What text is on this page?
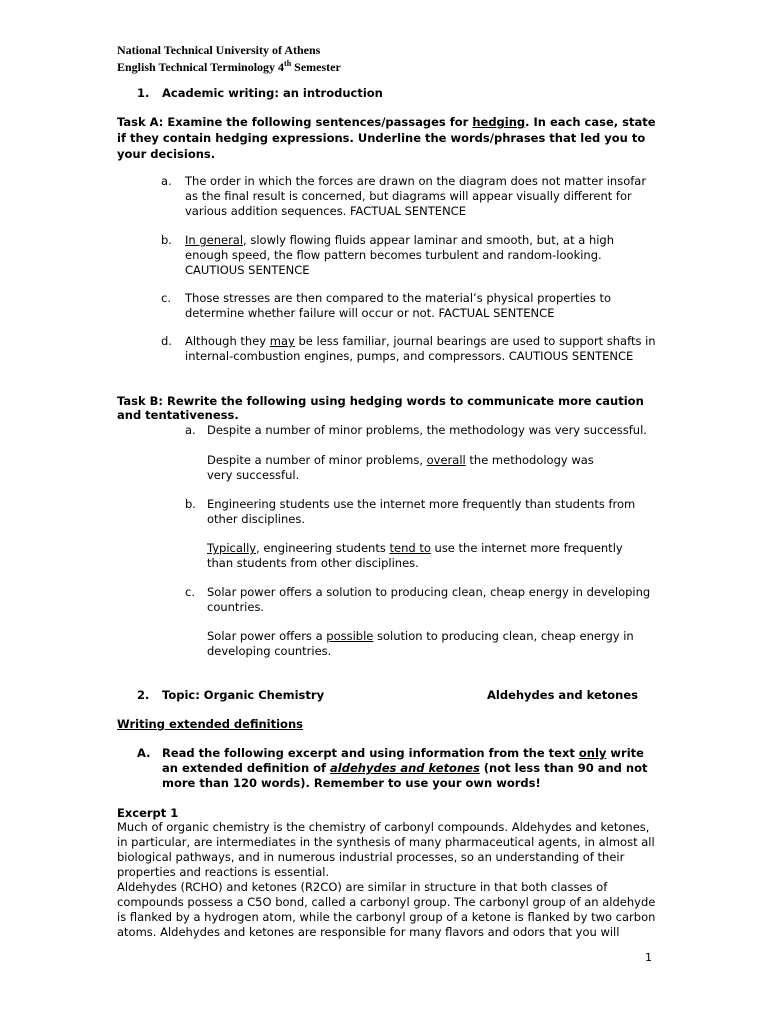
National Technical University of Athens
English Technical Terminology 4th Semester
1. Academic writing: an introduction
Task A: Examine the following sentences/passages for hedging. In each case, state if they contain hedging expressions. Underline the words/phrases that led you to your decisions.
a. The order in which the forces are drawn on the diagram does not matter insofar as the final result is concerned, but diagrams will appear visually different for various addition sequences. FACTUAL SENTENCE
b. In general, slowly flowing fluids appear laminar and smooth, but, at a high enough speed, the flow pattern becomes turbulent and random-looking. CAUTIOUS SENTENCE
c. Those stresses are then compared to the material’s physical properties to determine whether failure will occur or not. FACTUAL SENTENCE
d. Although they may be less familiar, journal bearings are used to support shafts in internal-combustion engines, pumps, and compressors. CAUTIOUS SENTENCE
Task B: Rewrite the following using hedging words to communicate more caution and tentativeness.
a. Despite a number of minor problems, the methodology was very successful.
Despite a number of minor problems, overall the methodology was very successful.
b. Engineering students use the internet more frequently than students from other disciplines.
Typically, engineering students tend to use the internet more frequently than students from other disciplines.
c. Solar power offers a solution to producing clean, cheap energy in developing countries.
Solar power offers a possible solution to producing clean, cheap energy in developing countries.
2. Topic: Organic Chemistry	Aldehydes and ketones
Writing extended definitions
A. Read the following excerpt and using information from the text only write an extended definition of aldehydes and ketones (not less than 90 and not more than 120 words). Remember to use your own words!
Excerpt 1
Much of organic chemistry is the chemistry of carbonyl compounds. Aldehydes and ketones, in particular, are intermediates in the synthesis of many pharmaceutical agents, in almost all biological pathways, and in numerous industrial processes, so an understanding of their properties and reactions is essential.
Aldehydes (RCHO) and ketones (R2CO) are similar in structure in that both classes of compounds possess a C5O bond, called a carbonyl group. The carbonyl group of an aldehyde is flanked by a hydrogen atom, while the carbonyl group of a ketone is flanked by two carbon atoms. Aldehydes and ketones are responsible for many flavors and odors that you will
1
